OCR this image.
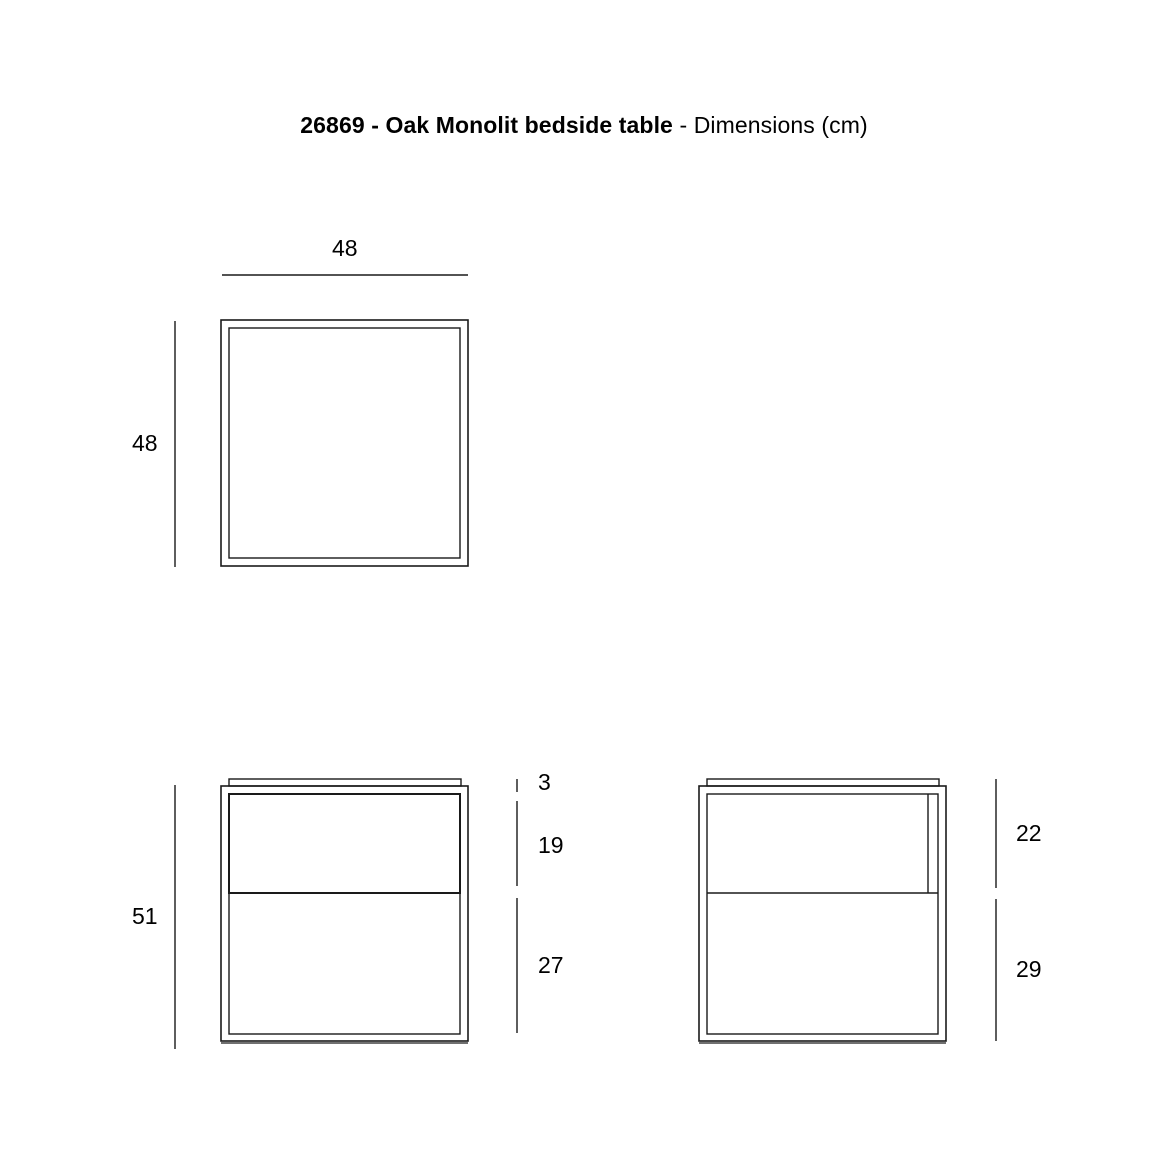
26869 - Oak Monolit bedside table - Dimensions (cm)
48
48
51
3
19
27
22
29
